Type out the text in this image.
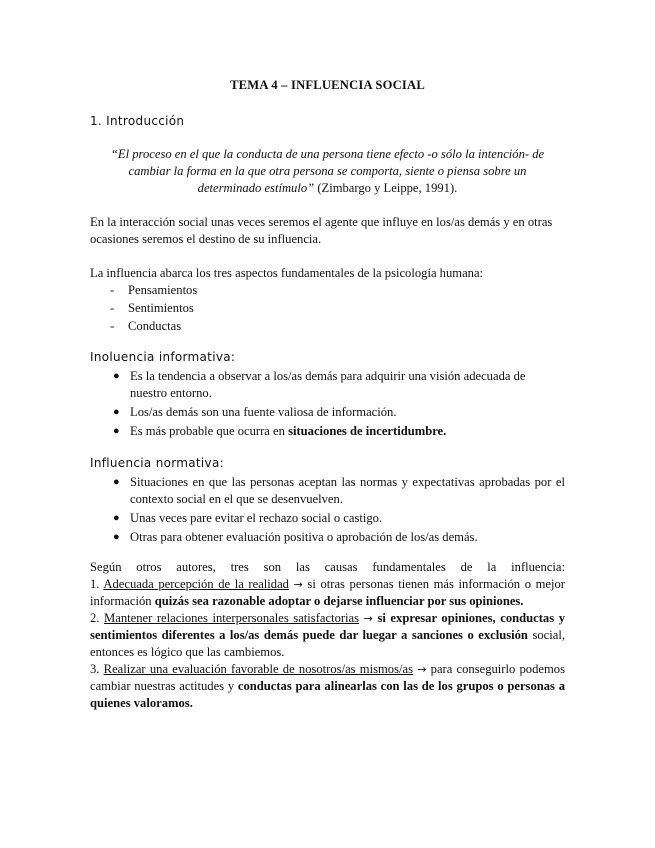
TEMA 4 – INFLUENCIA SOCIAL
1. Introducción
“El proceso en el que la conducta de una persona tiene efecto -o sólo la intención- de cambiar la forma en la que otra persona se comporta, siente o piensa sobre un determinado estímulo” (Zimbargo y Leippe, 1991).
En la interacción social unas veces seremos el agente que influye en los/as demás y en otras ocasiones seremos el destino de su influencia.
La influencia abarca los tres aspectos fundamentales de la psicología humana:
- Pensamientos
- Sentimientos
- Conductas
Inoluencia informativa:
● Es la tendencia a observar a los/as demás para adquirir una visión adecuada de nuestro entorno.
● Los/as demás son una fuente valiosa de información.
● Es más probable que ocurra en situaciones de incertidumbre.
Influencia normativa:
● Situaciones en que las personas aceptan las normas y expectativas aprobadas por el contexto social en el que se desenvuelven.
● Unas veces pare evitar el rechazo social o castigo.
● Otras para obtener evaluación positiva o aprobación de los/as demás.
Según otros autores, tres son las causas fundamentales de la influencia:
1. Adecuada percepción de la realidad → si otras personas tienen más información o mejor información quizás sea razonable adoptar o dejarse influenciar por sus opiniones.
2. Mantener relaciones interpersonales satisfactorias → si expresar opiniones, conductas y sentimientos diferentes a los/as demás puede dar luegar a sanciones o exclusión social, entonces es lógico que las cambiemos.
3. Realizar una evaluación favorable de nosotros/as mismos/as → para conseguirlo podemos cambiar nuestras actitudes y conductas para alinearlas con las de los grupos o personas a quienes valoramos.
